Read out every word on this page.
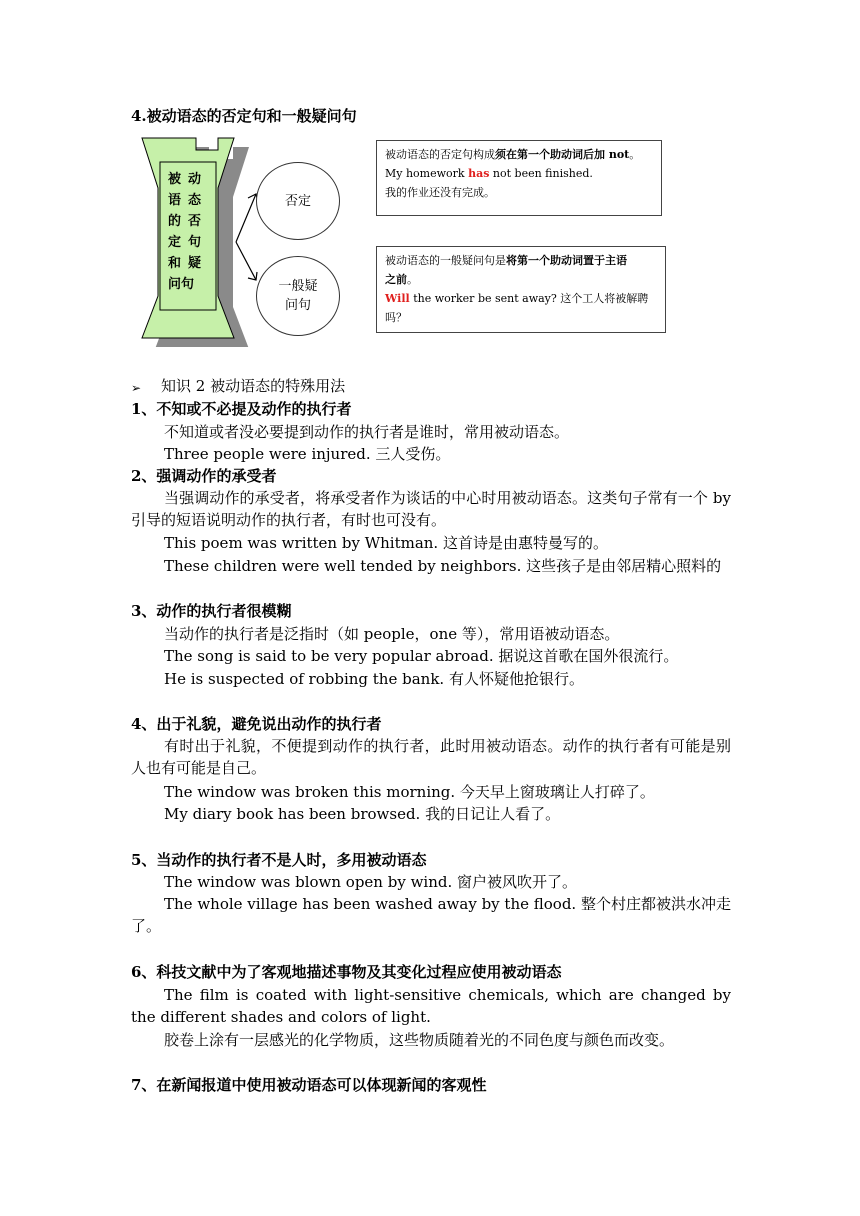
4.被动语态的否定句和一般疑问句
被
语
的
定
和
问句
动
态
否
句
疑
否定
一般疑
问句
被动语态的否定句构成须在第一个助动词后加 not。
My homework has not been finished.
我的作业还没有完成。
被动语态的一般疑问句是将第一个助动词置于主语
之前。
Will the worker be sent away? 这个工人将被解聘
吗？
➢ 知识 2 被动语态的特殊用法
1、不知或不必提及动作的执行者
不知道或者没必要提到动作的执行者是谁时，常用被动语态。
Three people were injured. 三人受伤。
2、强调动作的承受者
当强调动作的承受者，将承受者作为谈话的中心时用被动语态。这类句子常有一个 by 引导的短语说明动作的执行者，有时也可没有。
This poem was written by Whitman. 这首诗是由惠特曼写的。
These children were well tended by neighbors. 这些孩子是由邻居精心照料的
3、动作的执行者很模糊
当动作的执行者是泛指时（如 people，one 等），常用语被动语态。
The song is said to be very popular abroad. 据说这首歌在国外很流行。
He is suspected of robbing the bank. 有人怀疑他抢银行。
4、出于礼貌，避免说出动作的执行者
有时出于礼貌，不便提到动作的执行者，此时用被动语态。动作的执行者有可能是别人也有可能是自己。
The window was broken this morning. 今天早上窗玻璃让人打碎了。
My diary book has been browsed. 我的日记让人看了。
5、当动作的执行者不是人时，多用被动语态
The window was blown open by wind. 窗户被风吹开了。
The whole village has been washed away by the flood. 整个村庄都被洪水冲走了。
6、科技文献中为了客观地描述事物及其变化过程应使用被动语态
The film is coated with light-sensitive chemicals, which are changed by the different shades and colors of light.
胶卷上涂有一层感光的化学物质，这些物质随着光的不同色度与颜色而改变。
7、在新闻报道中使用被动语态可以体现新闻的客观性
